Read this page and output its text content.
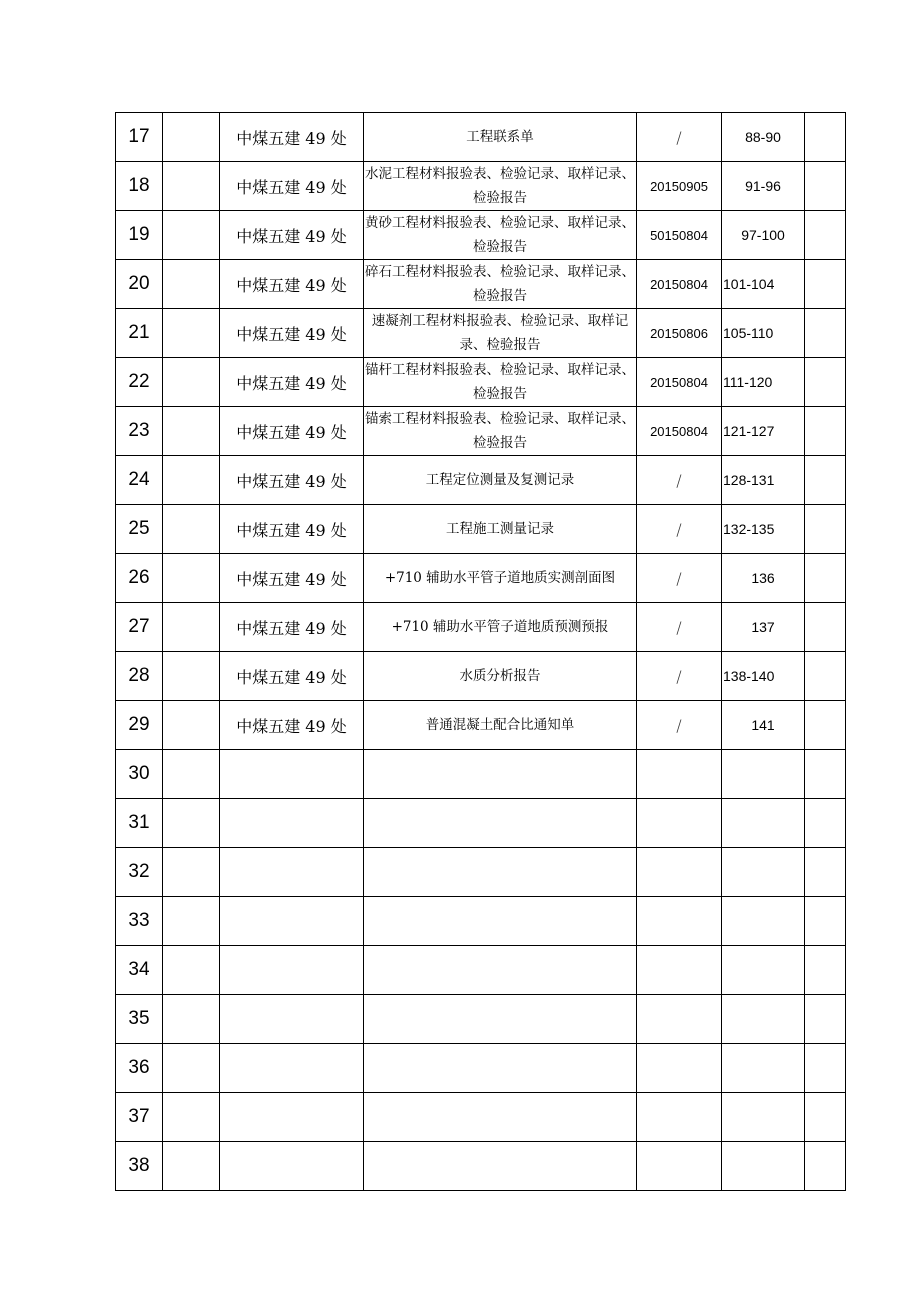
17		中煤五建 49 处	工程联系单	/	88-90	
18		中煤五建 49 处	水泥工程材料报验表、检验记录、取样记录、检验报告	20150905	91-96	
19		中煤五建 49 处	黄砂工程材料报验表、检验记录、取样记录、检验报告	50150804	97-100	
20		中煤五建 49 处	碎石工程材料报验表、检验记录、取样记录、检验报告	20150804	101-104	
21		中煤五建 49 处	速凝剂工程材料报验表、检验记录、取样记录、检验报告	20150806	105-110	
22		中煤五建 49 处	锚杆工程材料报验表、检验记录、取样记录、检验报告	20150804	111-120	
23		中煤五建 49 处	锚索工程材料报验表、检验记录、取样记录、检验报告	20150804	121-127	
24		中煤五建 49 处	工程定位测量及复测记录	/	128-131	
25		中煤五建 49 处	工程施工测量记录	/	132-135	
26		中煤五建 49 处	+710 辅助水平管子道地质实测剖面图	/	136	
27		中煤五建 49 处	+710 辅助水平管子道地质预测预报	/	137	
28		中煤五建 49 处	水质分析报告	/	138-140	
29		中煤五建 49 处	普通混凝土配合比通知单	/	141	
30						
31						
32						
33						
34						
35						
36						
37						
38						
